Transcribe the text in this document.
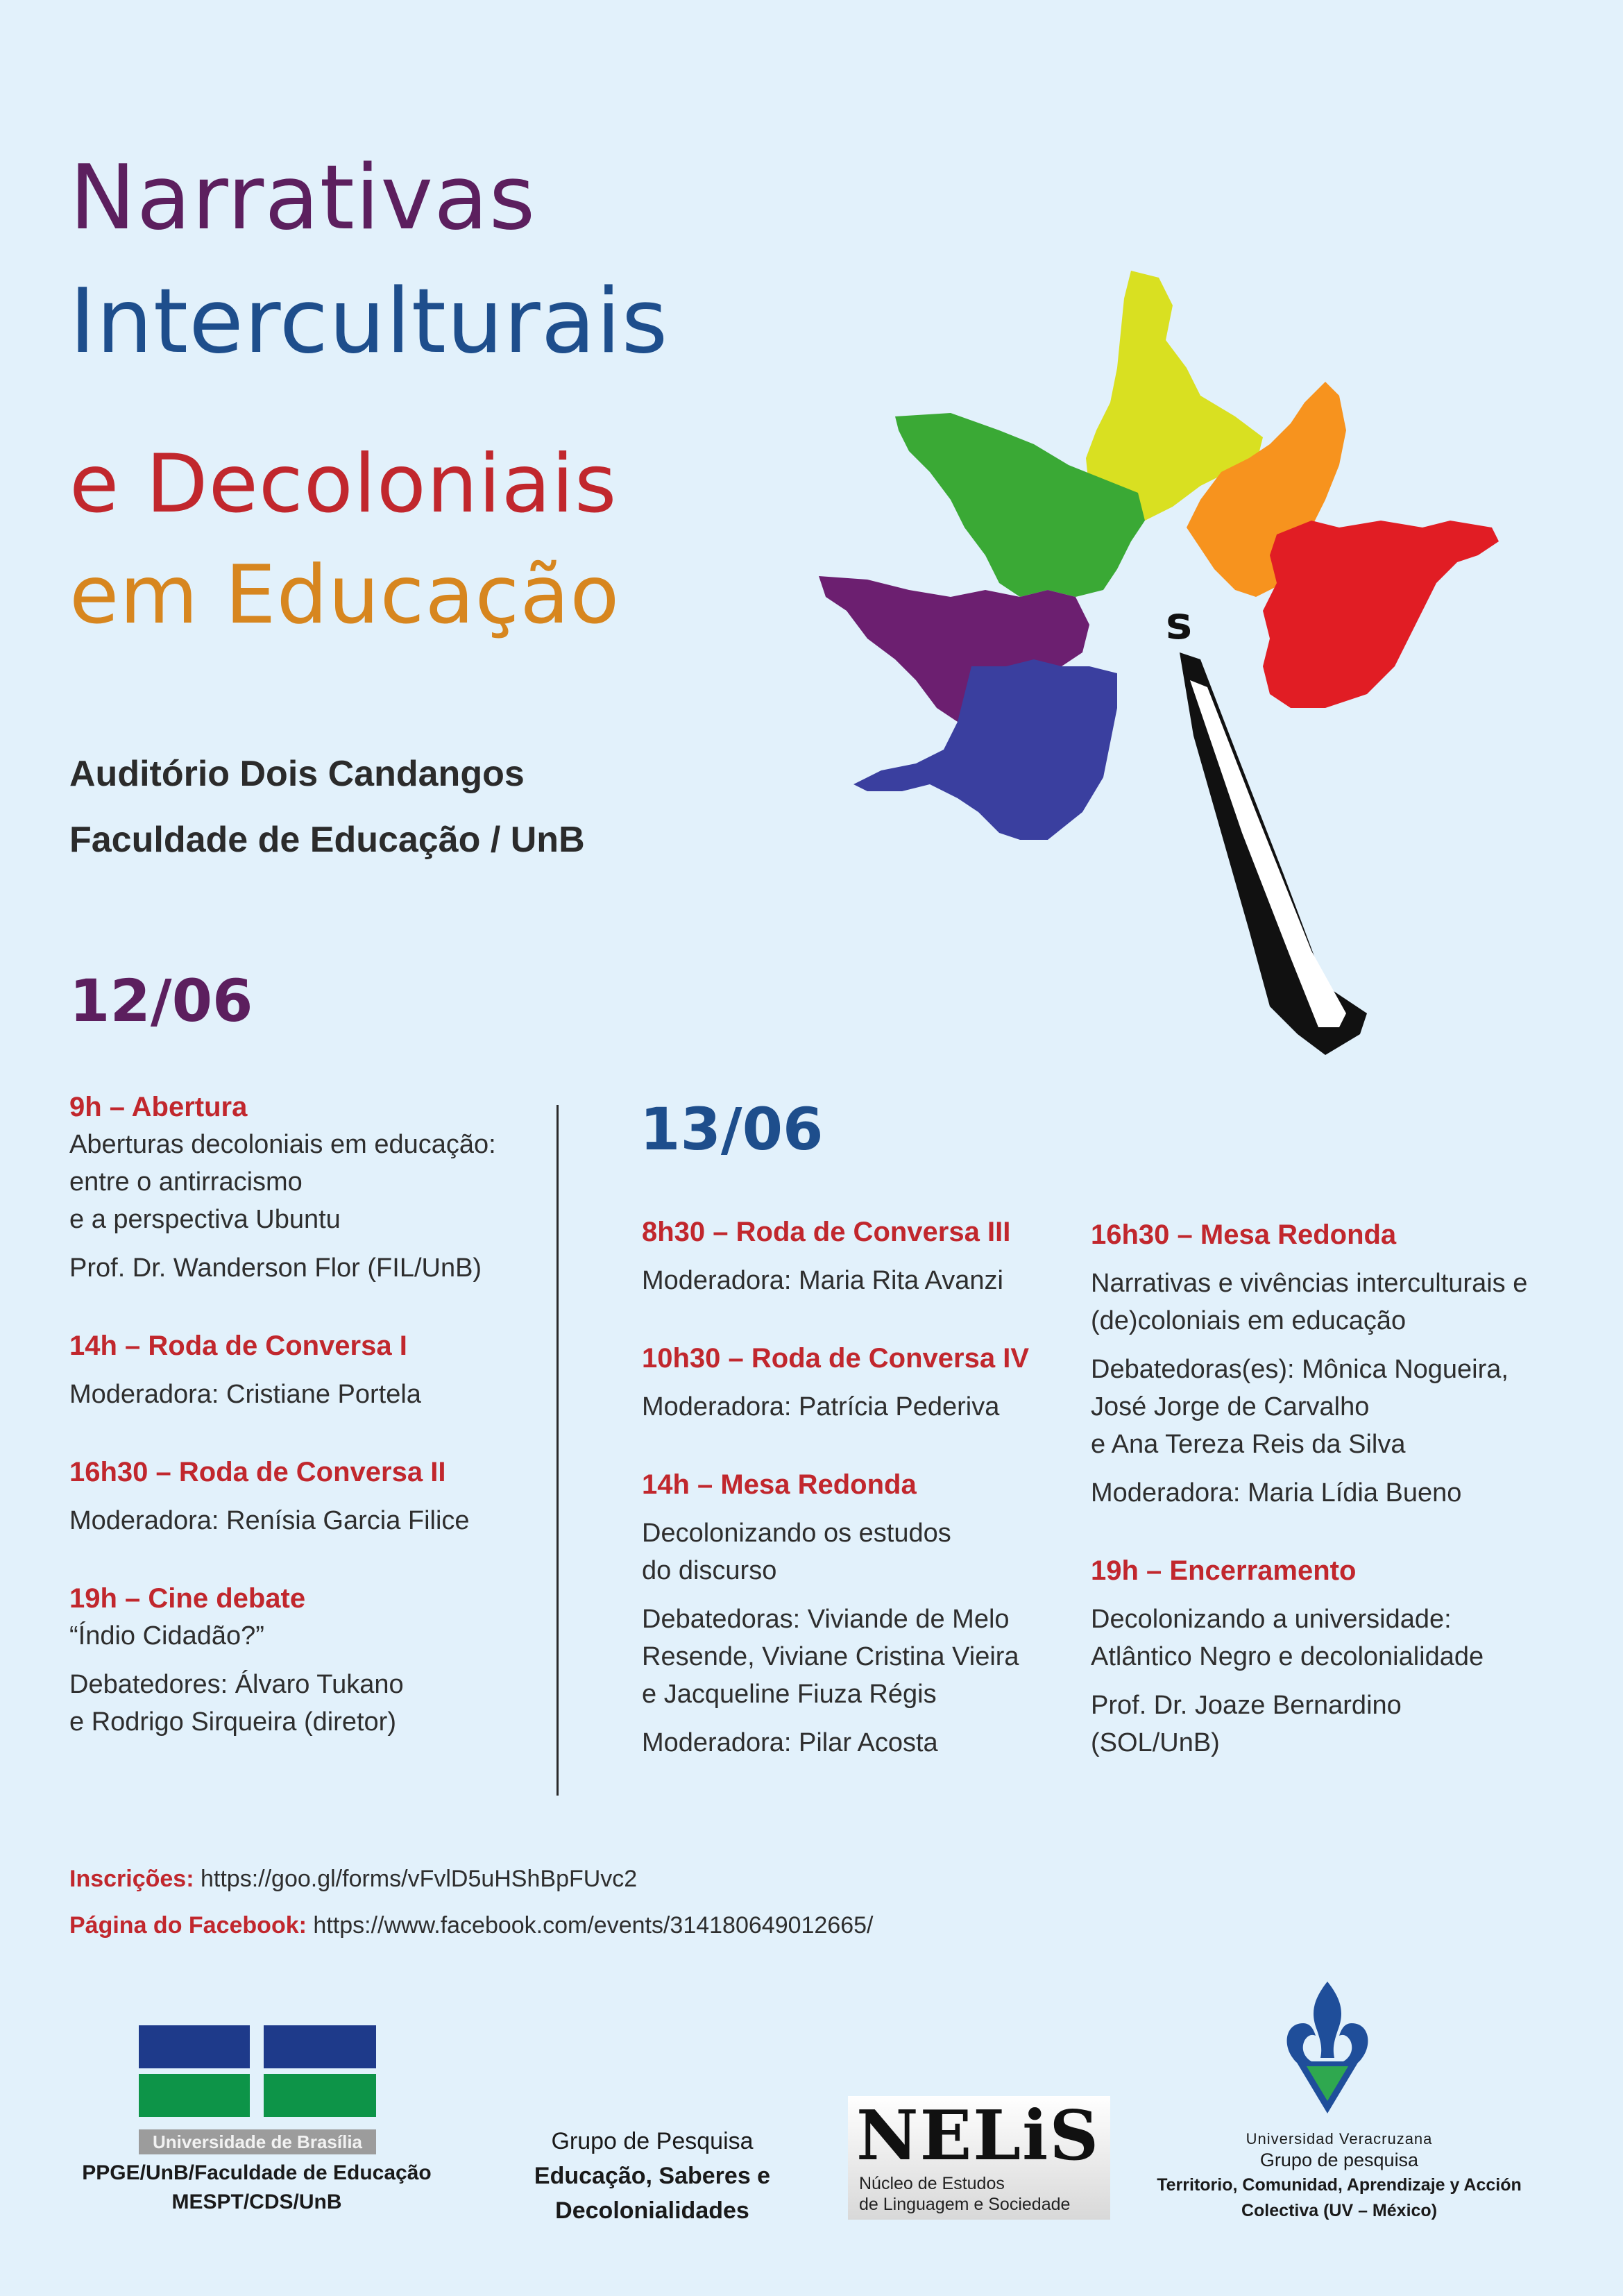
Narrativas
Interculturais
e Decoloniais
em Educação
Auditório Dois Candangos
Faculdade de Educação / UnB
s
12/06
9h – Abertura
Aberturas decoloniais em educação:
entre o antirracismo
e a perspectiva Ubuntu
Prof. Dr. Wanderson Flor (FIL/UnB)
14h – Roda de Conversa I
Moderadora: Cristiane Portela
16h30 – Roda de Conversa II
Moderadora: Renísia Garcia Filice
19h – Cine debate
“Índio Cidadão?”
Debatedores: Álvaro Tukano
e Rodrigo Sirqueira (diretor)
13/06
8h30 – Roda de Conversa III
Moderadora: Maria Rita Avanzi
10h30 – Roda de Conversa IV
Moderadora: Patrícia Pederiva
14h – Mesa Redonda
Decolonizando os estudos
do discurso
Debatedoras: Viviande de Melo
Resende, Viviane Cristina Vieira
e Jacqueline Fiuza Régis
Moderadora: Pilar Acosta
16h30 – Mesa Redonda
Narrativas e vivências interculturais e
(de)coloniais em educação
Debatedoras(es): Mônica Nogueira,
José Jorge de Carvalho
e Ana Tereza Reis da Silva
Moderadora: Maria Lídia Bueno
19h – Encerramento
Decolonizando a universidade:
Atlântico Negro e decolonialidade
Prof. Dr. Joaze Bernardino
(SOL/UnB)
Inscrições: https://goo.gl/forms/vFvlD5uHShBpFUvc2
Página do Facebook: https://www.facebook.com/events/314180649012665/
Universidade de Brasília
PPGE/UnB/Faculdade de Educação
MESPT/CDS/UnB
Grupo de Pesquisa
Educação, Saberes e
Decolonialidades
NELiS
Núcleo de Estudos
de Linguagem e Sociedade
Universidad Veracruzana
Grupo de pesquisa
Territorio, Comunidad, Aprendizaje y Acción
Colectiva (UV – México)
